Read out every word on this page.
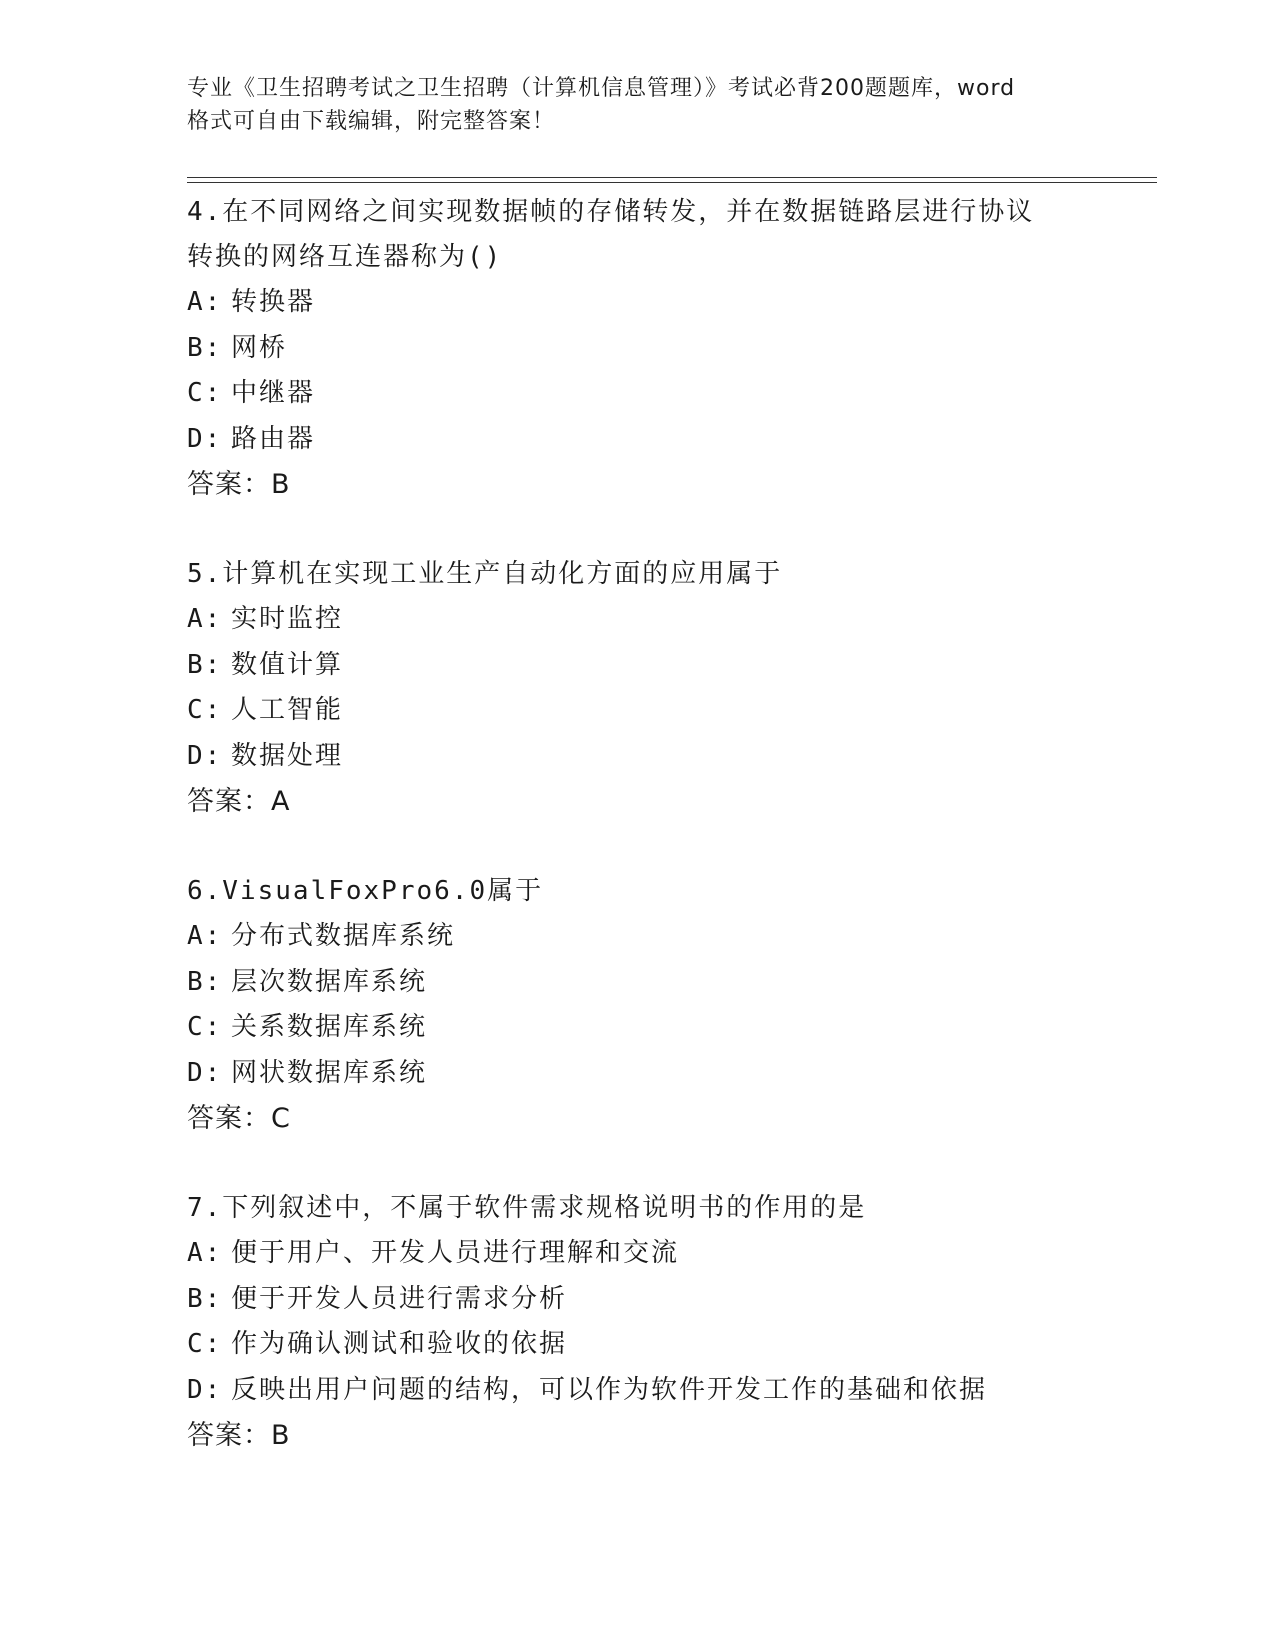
专业《卫生招聘考试之卫生招聘（计算机信息管理）》考试必背200题题库，word
格式可自由下载编辑，附完整答案！
4.在不同网络之间实现数据帧的存储转发，并在数据链路层进行协议
转换的网络互连器称为()
A: 转换器
B: 网桥
C: 中继器
D: 路由器
答案：B
5.计算机在实现工业生产自动化方面的应用属于
A: 实时监控
B: 数值计算
C: 人工智能
D: 数据处理
答案：A
6.VisualFoxPro6.0属于
A: 分布式数据库系统
B: 层次数据库系统
C: 关系数据库系统
D: 网状数据库系统
答案：C
7.下列叙述中，不属于软件需求规格说明书的作用的是
A: 便于用户、开发人员进行理解和交流
B: 便于开发人员进行需求分析
C: 作为确认测试和验收的依据
D: 反映出用户问题的结构，可以作为软件开发工作的基础和依据
答案：B
